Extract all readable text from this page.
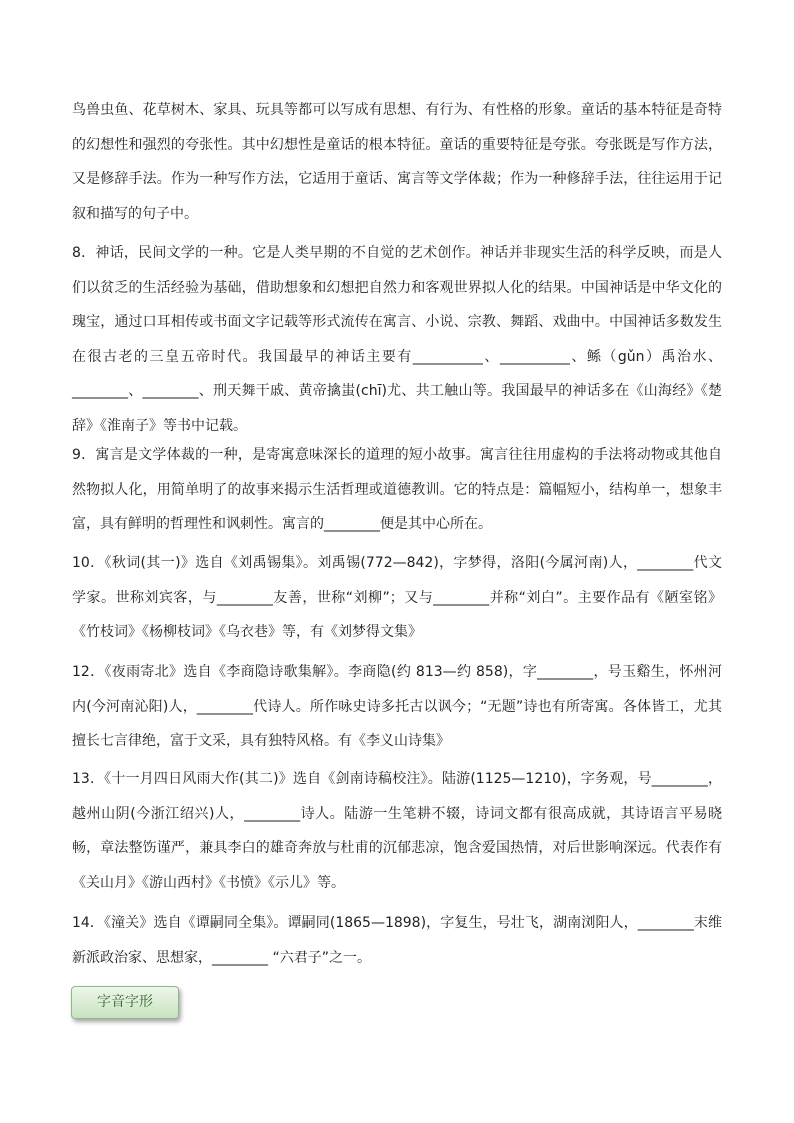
鸟兽虫鱼、花草树木、家具、玩具等都可以写成有思想、有行为、有性格的形象。童话的基本特征是奇特的幻想性和强烈的夸张性。其中幻想性是童话的根本特征。童话的重要特征是夸张。夸张既是写作方法，又是修辞手法。作为一种写作方法，它适用于童话、寓言等文学体裁；作为一种修辞手法，往往运用于记叙和描写的句子中。

8．神话，民间文学的一种。它是人类早期的不自觉的艺术创作。神话并非现实生活的科学反映，而是人们以贫乏的生活经验为基础，借助想象和幻想把自然力和客观世界拟人化的结果。中国神话是中华文化的瑰宝，通过口耳相传或书面文字记载等形式流传在寓言、小说、宗教、舞蹈、戏曲中。中国神话多数发生在很古老的三皇五帝时代。我国最早的神话主要有__________、__________、鲧（gǔn）禹治水、________、________、刑天舞干戚、黄帝擒蚩(chī)尤、共工触山等。我国最早的神话多在《山海经》《楚辞》《淮南子》等书中记载。

9．寓言是文学体裁的一种，是寄寓意味深长的道理的短小故事。寓言往往用虚构的手法将动物或其他自然物拟人化，用简单明了的故事来揭示生活哲理或道德教训。它的特点是：篇幅短小，结构单一，想象丰富，具有鲜明的哲理性和讽刺性。寓言的________便是其中心所在。

10．《秋词(其一)》选自《刘禹锡集》。刘禹锡(772—842)，字梦得，洛阳(今属河南)人，________代文学家。世称刘宾客，与________友善，世称“刘柳”；又与________并称“刘白”。主要作品有《陋室铭》《竹枝词》《杨柳枝词》《乌衣巷》等，有《刘梦得文集》

12．《夜雨寄北》选自《李商隐诗歌集解》。李商隐(约 813—约 858)，字________，号玉谿生，怀州河内(今河南沁阳)人，________代诗人。所作咏史诗多托古以讽今；“无题”诗也有所寄寓。各体皆工，尤其擅长七言律绝，富于文采，具有独特风格。有《李义山诗集》

13．《十一月四日风雨大作(其二)》选自《剑南诗稿校注》。陆游(1125—1210)，字务观，号________，越州山阴(今浙江绍兴)人，________诗人。陆游一生笔耕不辍，诗词文都有很高成就，其诗语言平易晓畅，章法整饬谨严，兼具李白的雄奇奔放与杜甫的沉郁悲凉，饱含爱国热情，对后世影响深远。代表作有《关山月》《游山西村》《书愤》《示儿》等。

14．《潼关》选自《谭嗣同全集》。谭嗣同(1865—1898)，字复生，号壮飞，湖南浏阳人，________末维新派政治家、思想家，________ “六君子”之一。

字音字形
